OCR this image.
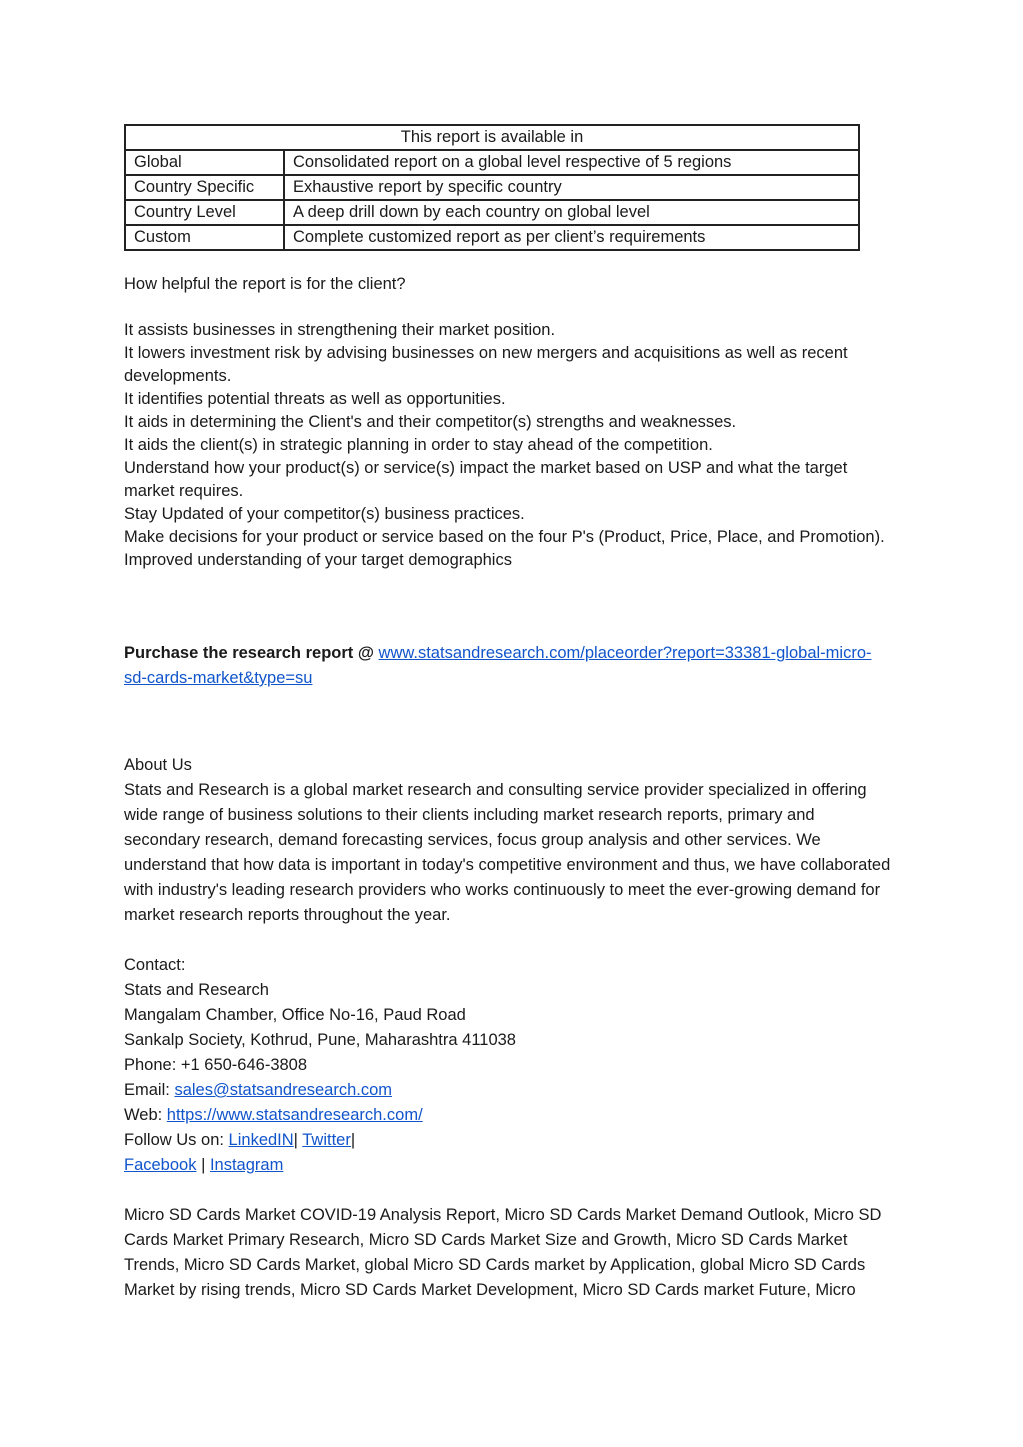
This report is available in	
Global	Consolidated report on a global level respective of 5 regions
Country Specific	Exhaustive report by specific country
Country Level	A deep drill down by each country on global level
Custom	Complete customized report as per client’s requirements
How helpful the report is for the client?
It assists businesses in strengthening their market position.
It lowers investment risk by advising businesses on new mergers and acquisitions as well as recent developments.
It identifies potential threats as well as opportunities.
It aids in determining the Client's and their competitor(s) strengths and weaknesses.
It aids the client(s) in strategic planning in order to stay ahead of the competition.
Understand how your product(s) or service(s) impact the market based on USP and what the target market requires.
Stay Updated of your competitor(s) business practices.
Make decisions for your product or service based on the four P's (Product, Price, Place, and Promotion).
Improved understanding of your target demographics
Purchase the research report @ www.statsandresearch.com/placeorder?report=33381-global-micro-sd-cards-market&type=su
About Us
Stats and Research is a global market research and consulting service provider specialized in offering wide range of business solutions to their clients including market research reports, primary and secondary research, demand forecasting services, focus group analysis and other services. We understand that how data is important in today's competitive environment and thus, we have collaborated with industry's leading research providers who works continuously to meet the ever-growing demand for market research reports throughout the year.
Contact:
Stats and Research
Mangalam Chamber, Office No-16, Paud Road
Sankalp Society, Kothrud, Pune, Maharashtra 411038
Phone: +1 650-646-3808
Email: sales@statsandresearch.com
Web: https://www.statsandresearch.com/
Follow Us on: LinkedIN| Twitter|
Facebook | Instagram
Micro SD Cards Market COVID-19 Analysis Report, Micro SD Cards Market Demand Outlook, Micro SD Cards Market Primary Research, Micro SD Cards Market Size and Growth, Micro SD Cards Market Trends, Micro SD Cards Market, global Micro SD Cards market by Application, global Micro SD Cards Market by rising trends, Micro SD Cards Market Development, Micro SD Cards market Future, Micro
